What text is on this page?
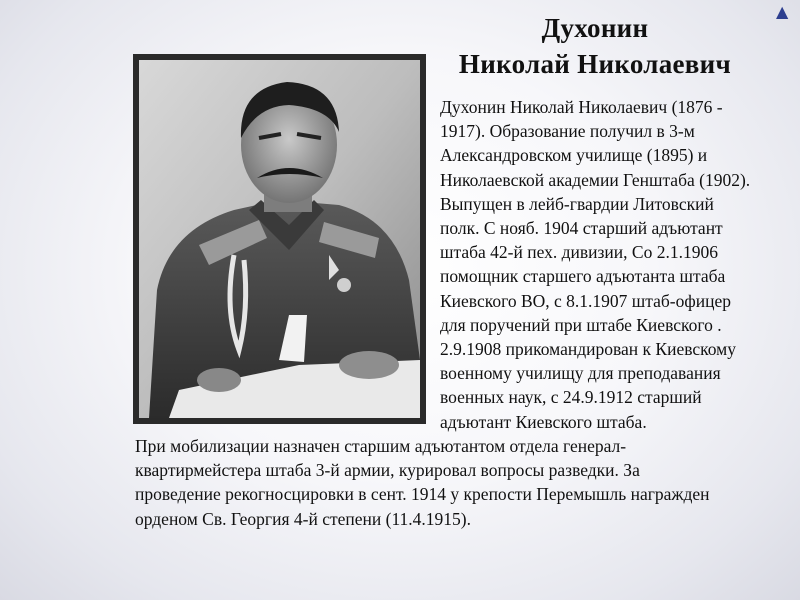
▲
Духонин
Николай Николаевич
Духонин Николай Николаевич (1876 -
1917). Образование получил в 3-м
Александровском училище (1895) и
Николаевской академии Генштаба (1902).
Выпущен в лейб-гвардии Литовский
полк. С нояб. 1904 старший адъютант
штаба 42-й пех. дивизии, Со 2.1.1906
помощник старшего адъютанта штаба
Киевского ВО, с 8.1.1907 штаб-офицер
для поручений при штабе Киевского .
2.9.1908 прикомандирован к Киевскому
военному училищу для преподавания
военных наук, с 24.9.1912 старший
адъютант Киевского штаба.
При мобилизации назначен старшим адъютантом отдела генерал-
квартирмейстера штаба 3-й армии, курировал вопросы разведки. За
проведение рекогносцировки в сент. 1914 у крепости Перемышль награжден
орденом Св. Георгия 4-й степени (11.4.1915).
